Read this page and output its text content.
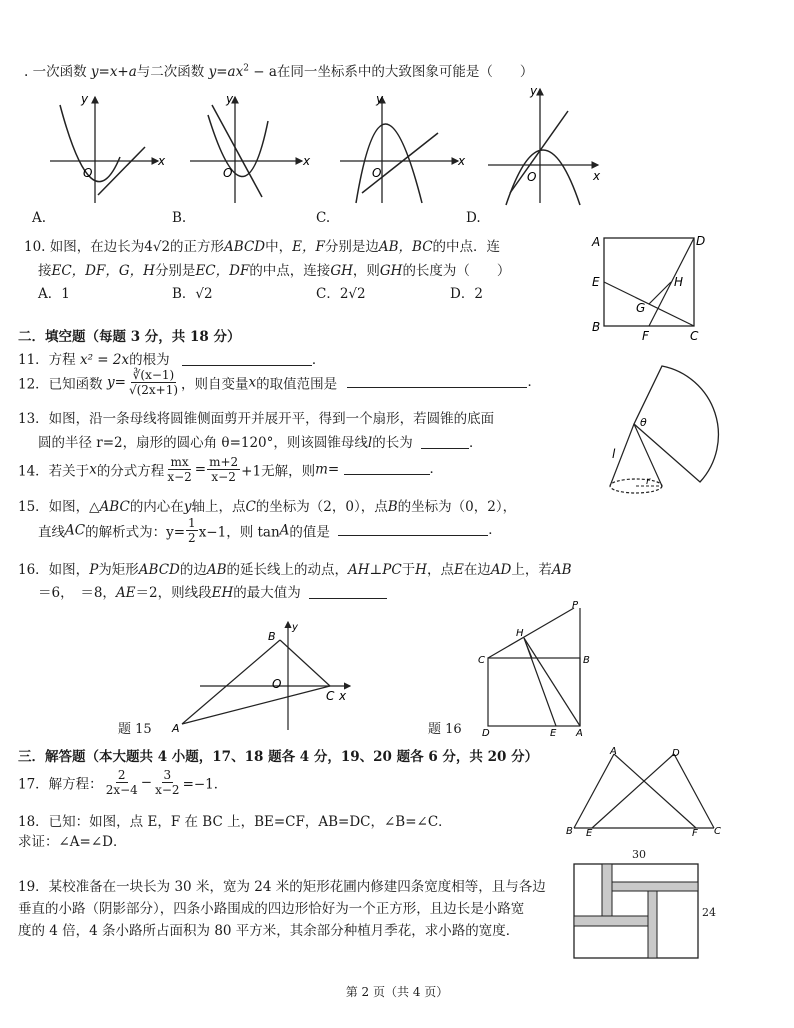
. 一次函数 y=x+a与二次函数 $y=ax^2 - a$在同一坐标系中的大致图象可能是（　　）
y
x
O
y
x
O
y
x
O
y
x
O
A.	B.	C.	D.
10. 如图，在边长为4√2的正方形ABCD中，E，F分别是边AB，BC的中点．连
接EC，DF，G，H分别是EC，DF的中点，连接GH，则GH的长度为（　　）
A．1	B．√2	C．2√2	D．2
A	D
E	H
G
B
F	C
二．填空题（每题 3 分，共 18 分）
11．方程 x² = 2x的根为	．
12．已知函数 $y= \frac{∛(x-1)}{√(2x+1)}$ ，则自变量x的取值范围是	．
13．如图，沿一条母线将圆锥侧面剪开并展开平，得到一个扇形，若圆锥的底面
圆的半径 r=2，扇形的圆心角 θ=120°，则该圆锥母线l的长为	．
θ
l
r
14．若关于x的分式方程 $\frac{mx}{x-2} = \frac{m+2}{x-2} +1$无解，则m=	．
15．如图，△ABC的内心在y轴上，点C的坐标为（2，0），点B的坐标为（0，2），
直线AC的解析式为：$y= \frac{1}{2} x-1$，则 tanA的值是	．
16．如图，P为矩形ABCD的边AB的延长线上的动点，AH⊥PC于H，点E在边AD上，若AB
＝6，　＝8，AE＝2，则线段EH的最大值为
B
y
O
C x
A
题 15
P
H
C	B
D	E A
题 16
三．解答题（本大题共 4 小题，17、18 题各 4 分，19、20 题各 6 分，共 20 分）
17．解方程： $\frac{2}{2x-4} - \frac{3}{x-2} =-1$．
18．已知：如图，点 E，F 在 BC 上，BE=CF，AB=DC，∠B=∠C．
求证：∠A=∠D．
A	D
B E	F C
19．某校准备在一块长为 30 米，宽为 24 米的矩形花圃内修建四条宽度相等，且与各边
垂直的小路（阴影部分），四条小路围成的四边形恰好为一个正方形，且边长是小路宽
度的 4 倍，4 条小路所占面积为 80 平方米，其余部分种植月季花，求小路的宽度．
30
24
第 2 页（共 4 页）
